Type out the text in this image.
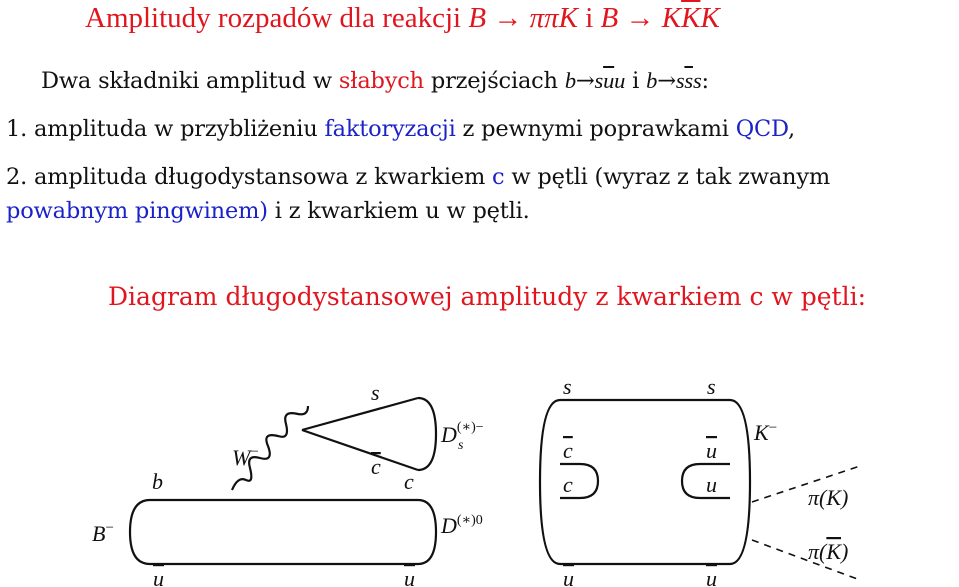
Amplitudy rozpadów dla reakcji B → ππK i $B \to K\overline{K}K$
Dwa składniki amplitud w słabych przejściach $b\to s\overline{u}u$ i $b\to s\overline{s}s$:
1. amplituda w przybliżeniu faktoryzacji z pewnymi poprawkami QCD,
2. amplituda długodystansowa z kwarkiem c w pętli (wyraz z tak zwanym
powabnym pingwinem) i z kwarkiem u w pętli.
Diagram długodystansowej amplitudy z kwarkiem c w pętli:
B−
b
W−
s
c
c
u	u
D(∗)− s
$D^{(∗)0}$
s	s
c
c
u
u
u	u
K−
π(K)
π(K)
